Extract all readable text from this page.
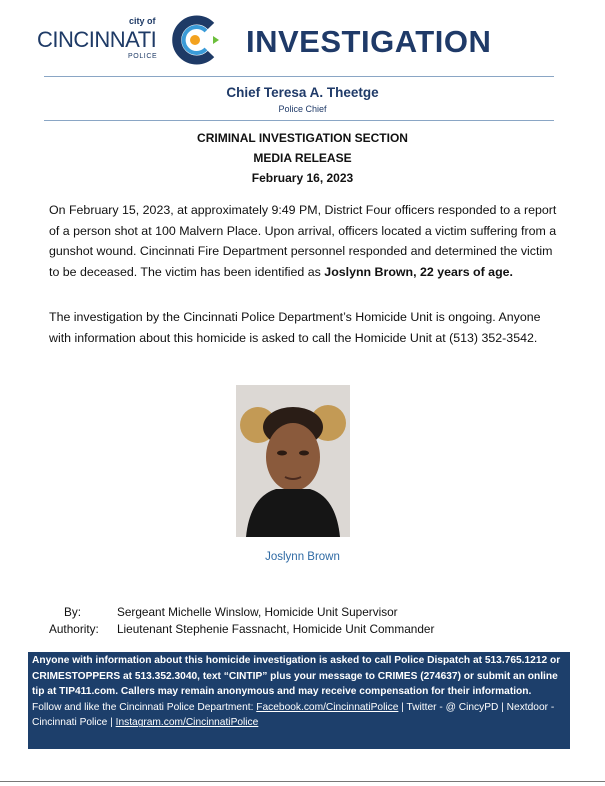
city of
CINCINNATI
POLICE	INVESTIGATION
Chief Teresa A. Theetge
Police Chief
CRIMINAL INVESTIGATION SECTION
MEDIA RELEASE
February 16, 2023
On February 15, 2023, at approximately 9:49 PM, District Four officers responded to a report of a person shot at 100 Malvern Place. Upon arrival, officers located a victim suffering from a gunshot wound. Cincinnati Fire Department personnel responded and determined the victim to be deceased. The victim has been identified as Joslynn Brown, 22 years of age.
The investigation by the Cincinnati Police Department’s Homicide Unit is ongoing. Anyone with information about this homicide is asked to call the Homicide Unit at (513) 352-3542.
Joslynn Brown
By:	Sergeant Michelle Winslow, Homicide Unit Supervisor
Authority: Lieutenant Stephenie Fassnacht, Homicide Unit Commander
Anyone with information about this homicide investigation is asked to call Police Dispatch at 513.765.1212 or CRIMESTOPPERS at 513.352.3040, text “CINTIP” plus your message to CRIMES (274637) or submit an online tip at TIP411.com. Callers may remain anonymous and may receive compensation for their information.
Follow and like the Cincinnati Police Department: Facebook.com/CincinnatiPolice | Twitter - @ CincyPD | Nextdoor - Cincinnati Police | Instagram.com/CincinnatiPolice
